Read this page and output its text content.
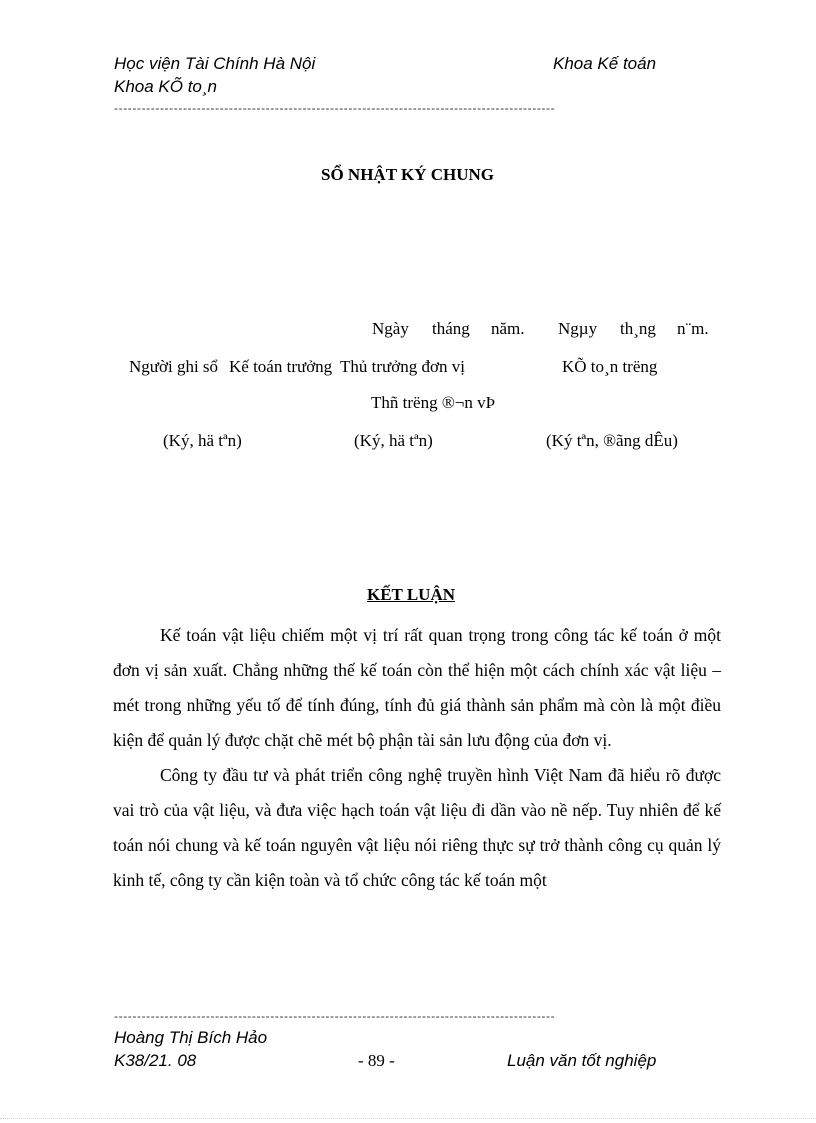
Học viện Tài Chính Hà Nội	Khoa Kế toán
Khoa KÕ to¸n
------------------------------------------------------------------------------------------------
SỔ NHẬT KÝ CHUNG
Ngày tháng năm. Ngµy th¸ng n¨m.
Người ghi sổ Kế toán trưởng Thủ trưởng đơn vị	KÕ to¸n trëng
Thñ trëng ®¬n vÞ
(Ký, hä tªn)	(Ký, hä tªn)	(Ký tªn, ®ãng dÊu)
KẾT LUẬN

Kế toán vật liệu chiếm một vị trí rất quan trọng trong công tác kế toán ở một đơn vị sản xuất. Chẳng những thế kế toán còn thể hiện một cách chính xác vật liệu – mét trong những yếu tố để tính đúng, tính đủ giá thành sản phẩm mà còn là một điều kiện để quản lý được chặt chẽ mét bộ phận tài sản lưu động của đơn vị.

Công ty đầu tư và phát triển công nghệ truyền hình Việt Nam đã hiểu rõ được vai trò của vật liệu, và đưa việc hạch toán vật liệu đi dần vào nề nếp. Tuy nhiên để kế toán nói chung và kế toán nguyên vật liệu nói riêng thực sự trở thành công cụ quản lý kinh tế, công ty cần kiện toàn và tổ chức công tác kế toán một

------------------------------------------------------------------------------------------------
Hoàng Thị Bích Hảo
K38/21. 08	- 89 -	Luận văn tốt nghiệp
